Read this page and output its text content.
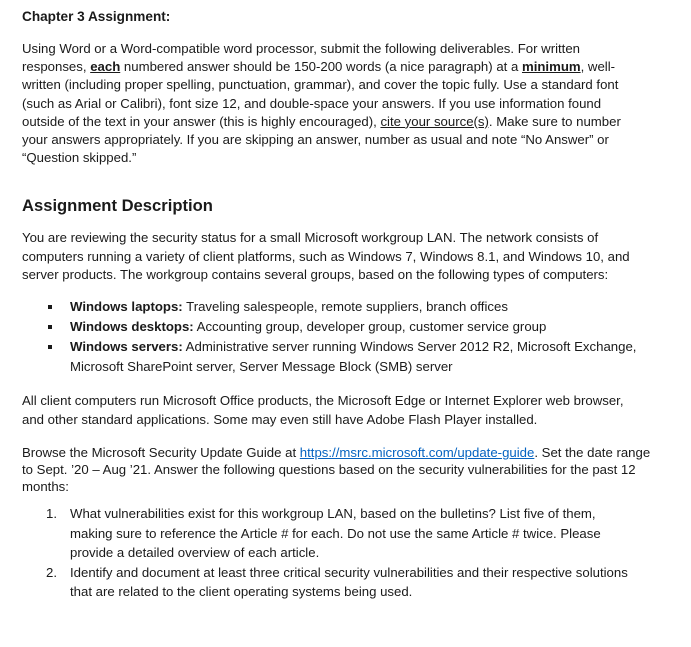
Chapter 3 Assignment:
Using Word or a Word-compatible word processor, submit the following deliverables. For written responses, each numbered answer should be 150-200 words (a nice paragraph) at a minimum, well-written (including proper spelling, punctuation, grammar), and cover the topic fully. Use a standard font (such as Arial or Calibri), font size 12, and double-space your answers. If you use information found outside of the text in your answer (this is highly encouraged), cite your source(s). Make sure to number your answers appropriately. If you are skipping an answer, number as usual and note “No Answer” or “Question skipped.”
Assignment Description
You are reviewing the security status for a small Microsoft workgroup LAN. The network consists of computers running a variety of client platforms, such as Windows 7, Windows 8.1, and Windows 10, and server products. The workgroup contains several groups, based on the following types of computers:
Windows laptops: Traveling salespeople, remote suppliers, branch offices
Windows desktops: Accounting group, developer group, customer service group
Windows servers: Administrative server running Windows Server 2012 R2, Microsoft Exchange, Microsoft SharePoint server, Server Message Block (SMB) server
All client computers run Microsoft Office products, the Microsoft Edge or Internet Explorer web browser, and other standard applications. Some may even still have Adobe Flash Player installed.
Browse the Microsoft Security Update Guide at https://msrc.microsoft.com/update-guide. Set the date range to Sept. ’20 – Aug ’21. Answer the following questions based on the security vulnerabilities for the past 12 months:
1. What vulnerabilities exist for this workgroup LAN, based on the bulletins? List five of them, making sure to reference the Article # for each. Do not use the same Article # twice. Please provide a detailed overview of each article.
2. Identify and document at least three critical security vulnerabilities and their respective solutions that are related to the client operating systems being used.
